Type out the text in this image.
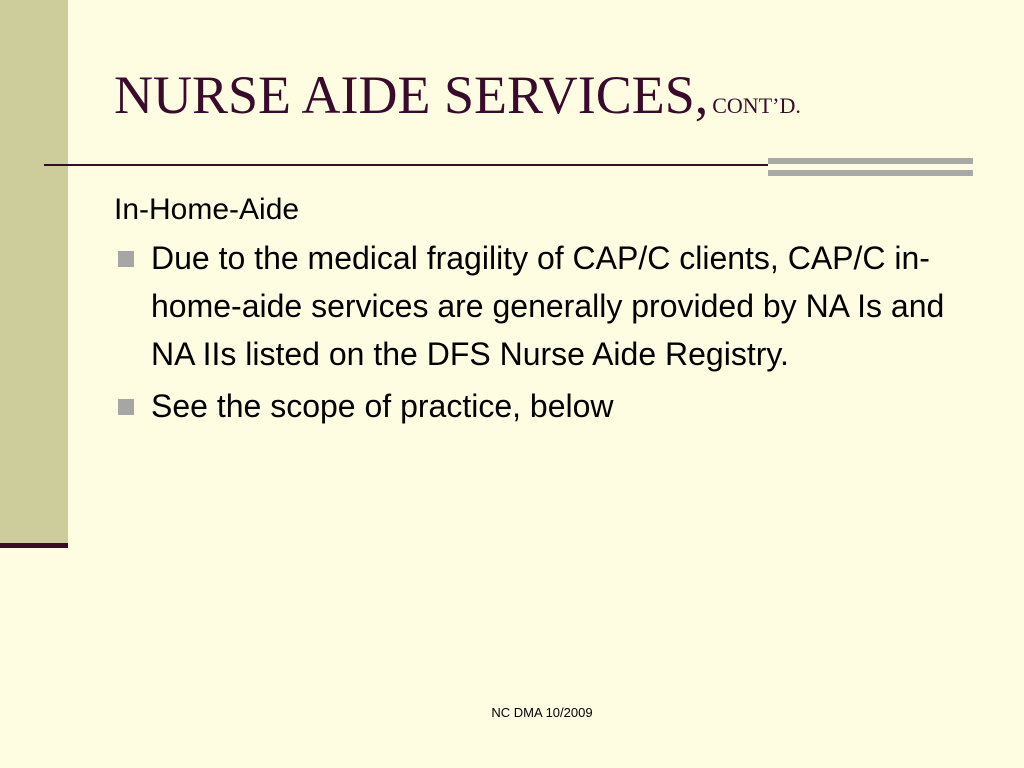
NURSE AIDE SERVICES, CONT’D.
In-Home-Aide
Due to the medical fragility of CAP/C clients, CAP/C in-home-aide services are generally provided by NA Is and NA IIs listed on the DFS Nurse Aide Registry.
See the scope of practice, below
NC DMA 10/2009
